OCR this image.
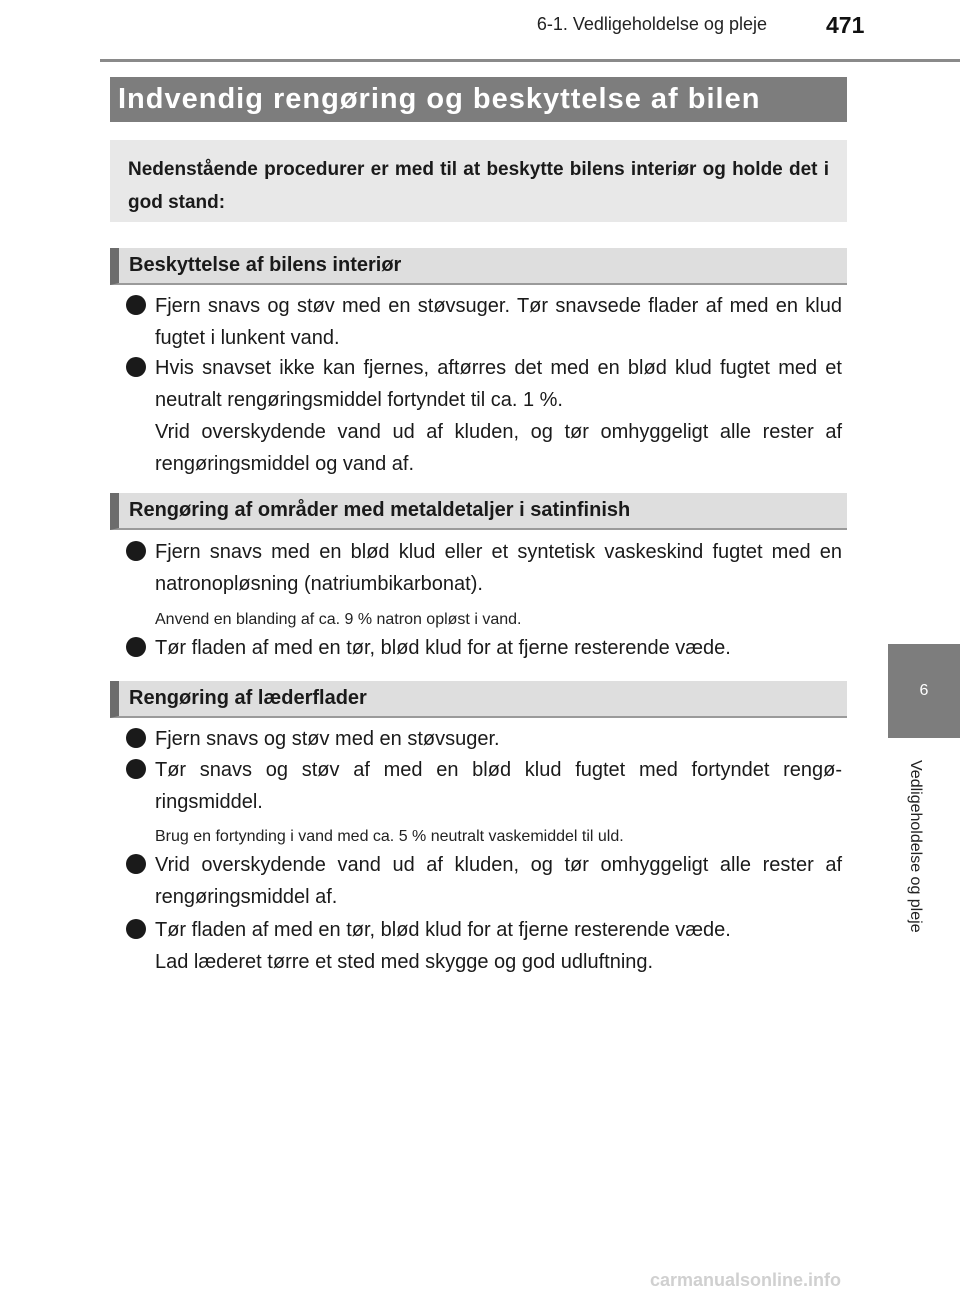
6-1. Vedligeholdelse og pleje	471
Indvendig rengøring og beskyttelse af bilen
Nedenstående procedurer er med til at beskytte bilens interiør og holde det i god stand:
Beskyttelse af bilens interiør
Fjern snavs og støv med en støvsuger. Tør snavsede flader af med en klud fugtet i lunkent vand.
Hvis snavset ikke kan fjernes, aftørres det med en blød klud fugtet med et neutralt rengøringsmiddel fortyndet til ca. 1 %.
Vrid overskydende vand ud af kluden, og tør omhyggeligt alle rester af rengøringsmiddel og vand af.
Rengøring af områder med metaldetaljer i satinfinish
Fjern snavs med en blød klud eller et syntetisk vaskeskind fugtet med en natronopløsning (natriumbikarbonat).
Anvend en blanding af ca. 9 % natron opløst i vand.
Tør fladen af med en tør, blød klud for at fjerne resterende væde.
Rengøring af læderflader
Fjern snavs og støv med en støvsuger.
Tør snavs og støv af med en blød klud fugtet med fortyndet rengø-ringsmiddel.
Brug en fortynding i vand med ca. 5 % neutralt vaskemiddel til uld.
Vrid overskydende vand ud af kluden, og tør omhyggeligt alle rester af rengøringsmiddel af.
Tør fladen af med en tør, blød klud for at fjerne resterende væde.
Lad læderet tørre et sted med skygge og god udluftning.
6
Vedligeholdelse og pleje
carmanualsonline.info
